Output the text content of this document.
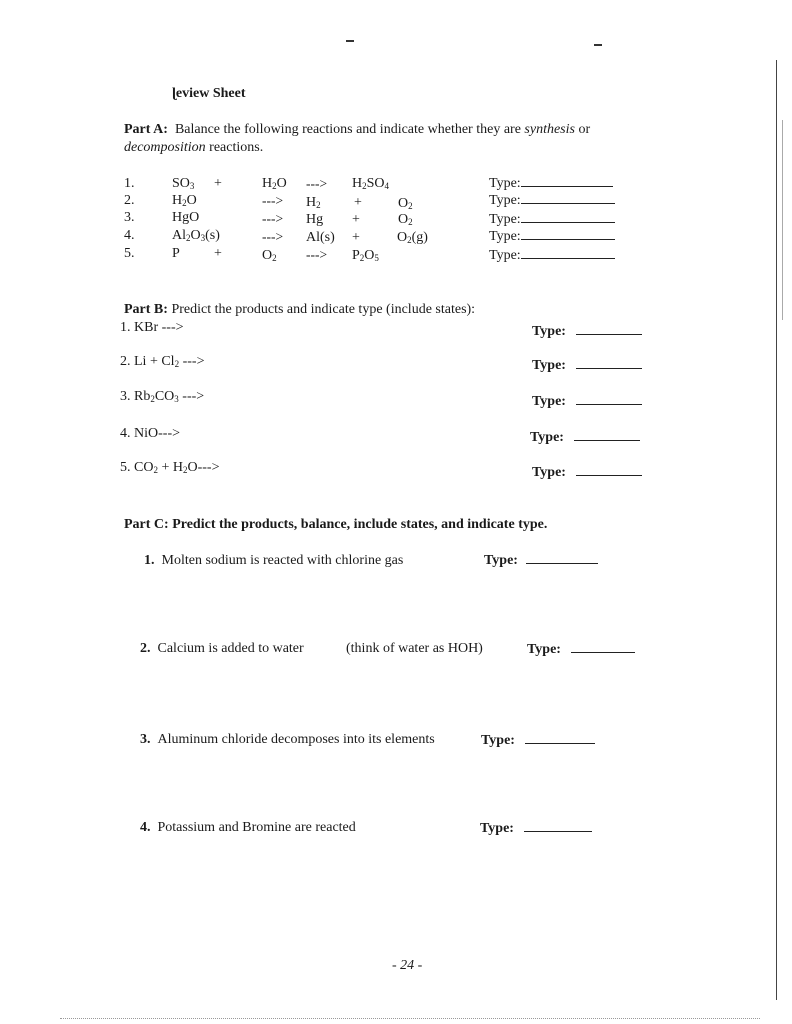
ɭeview Sheet
Part A: Balance the following reactions and indicate whether they are synthesis or
decomposition reactions.
1.	$SO_3$ +	$H_2O$ ---> $H_2SO_4$	Type:
2.	$H_2O$	---> $H_2$ +	$O_2$	Type:
3.	HgO	---> Hg +	$O_2$	Type:
4.	$Al_2O_3(s)$	---> Al(s) +	$O_2(g)$	Type:
5.	P +	$O_2$ ---> $P_2O_5$	Type:
Part B: Predict the products and indicate type (include states):
1. KBr --->	Type:
2. $Li + Cl_2$ --->	Type:
3. $Rb_2CO_3$ --->	Type:
4. NiO--->	Type:
5. $CO_2 + H_2O--->$	Type:
Part C: Predict the products, balance, include states, and indicate type.
1. Molten sodium is reacted with chlorine gas	Type:
2. Calcium is added to water	(think of water as HOH)	Type:
3. Aluminum chloride decomposes into its elements	Type:
4. Potassium and Bromine are reacted	Type:
- 24 -
